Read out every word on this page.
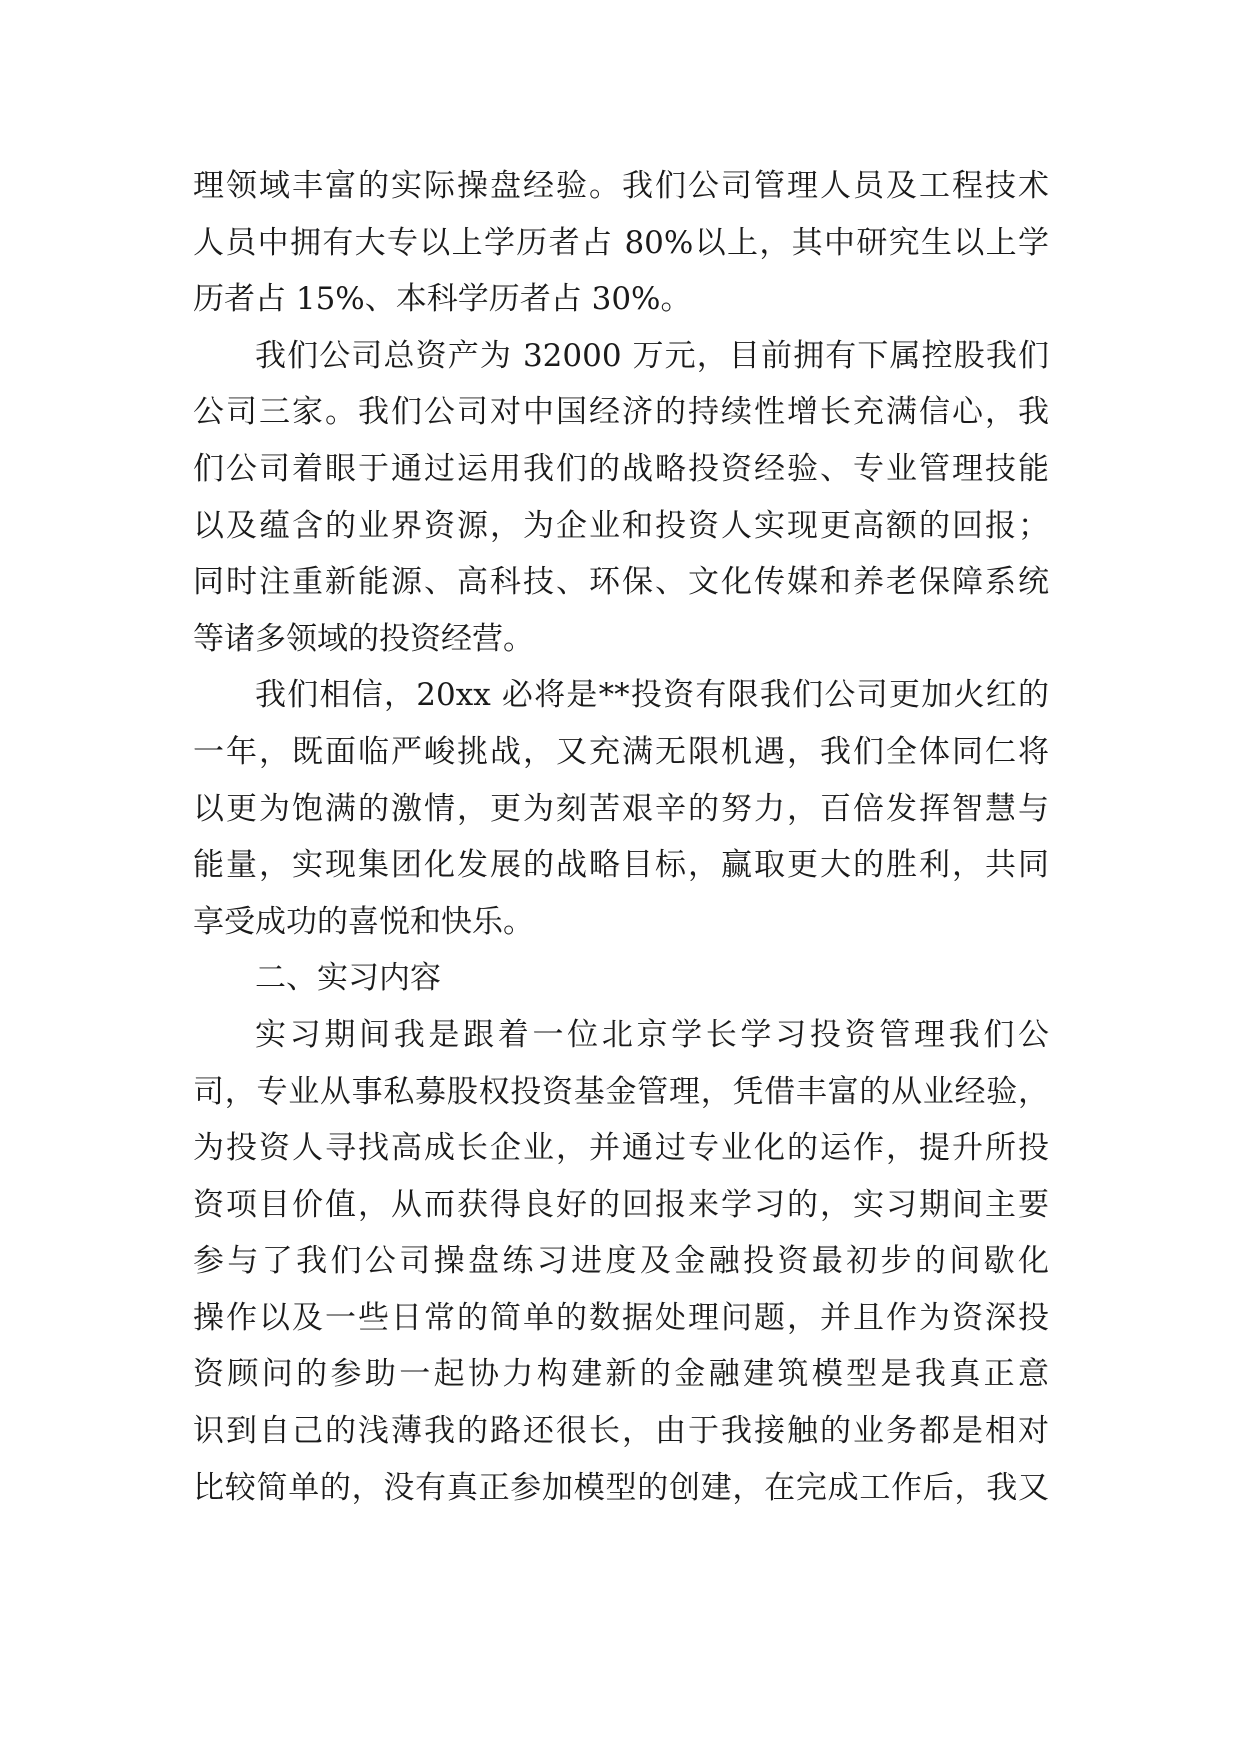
理领域丰富的实际操盘经验。我们公司管理人员及工程技术
人员中拥有大专以上学历者占 80%以上，其中研究生以上学
历者占 15%、本科学历者占 30%。
我们公司总资产为 32000 万元，目前拥有下属控股我们
公司三家。我们公司对中国经济的持续性增长充满信心，我
们公司着眼于通过运用我们的战略投资经验、专业管理技能
以及蕴含的业界资源，为企业和投资人实现更高额的回报；
同时注重新能源、高科技、环保、文化传媒和养老保障系统
等诸多领域的投资经营。
我们相信，20xx 必将是**投资有限我们公司更加火红的
一年，既面临严峻挑战，又充满无限机遇，我们全体同仁将
以更为饱满的激情，更为刻苦艰辛的努力，百倍发挥智慧与
能量，实现集团化发展的战略目标，赢取更大的胜利，共同
享受成功的喜悦和快乐。
二、实习内容
实习期间我是跟着一位北京学长学习投资管理我们公
司，专业从事私募股权投资基金管理，凭借丰富的从业经验，
为投资人寻找高成长企业，并通过专业化的运作，提升所投
资项目价值，从而获得良好的回报来学习的，实习期间主要
参与了我们公司操盘练习进度及金融投资最初步的间歇化
操作以及一些日常的简单的数据处理问题，并且作为资深投
资顾问的参助一起协力构建新的金融建筑模型是我真正意
识到自己的浅薄我的路还很长，由于我接触的业务都是相对
比较简单的，没有真正参加模型的创建，在完成工作后，我又
